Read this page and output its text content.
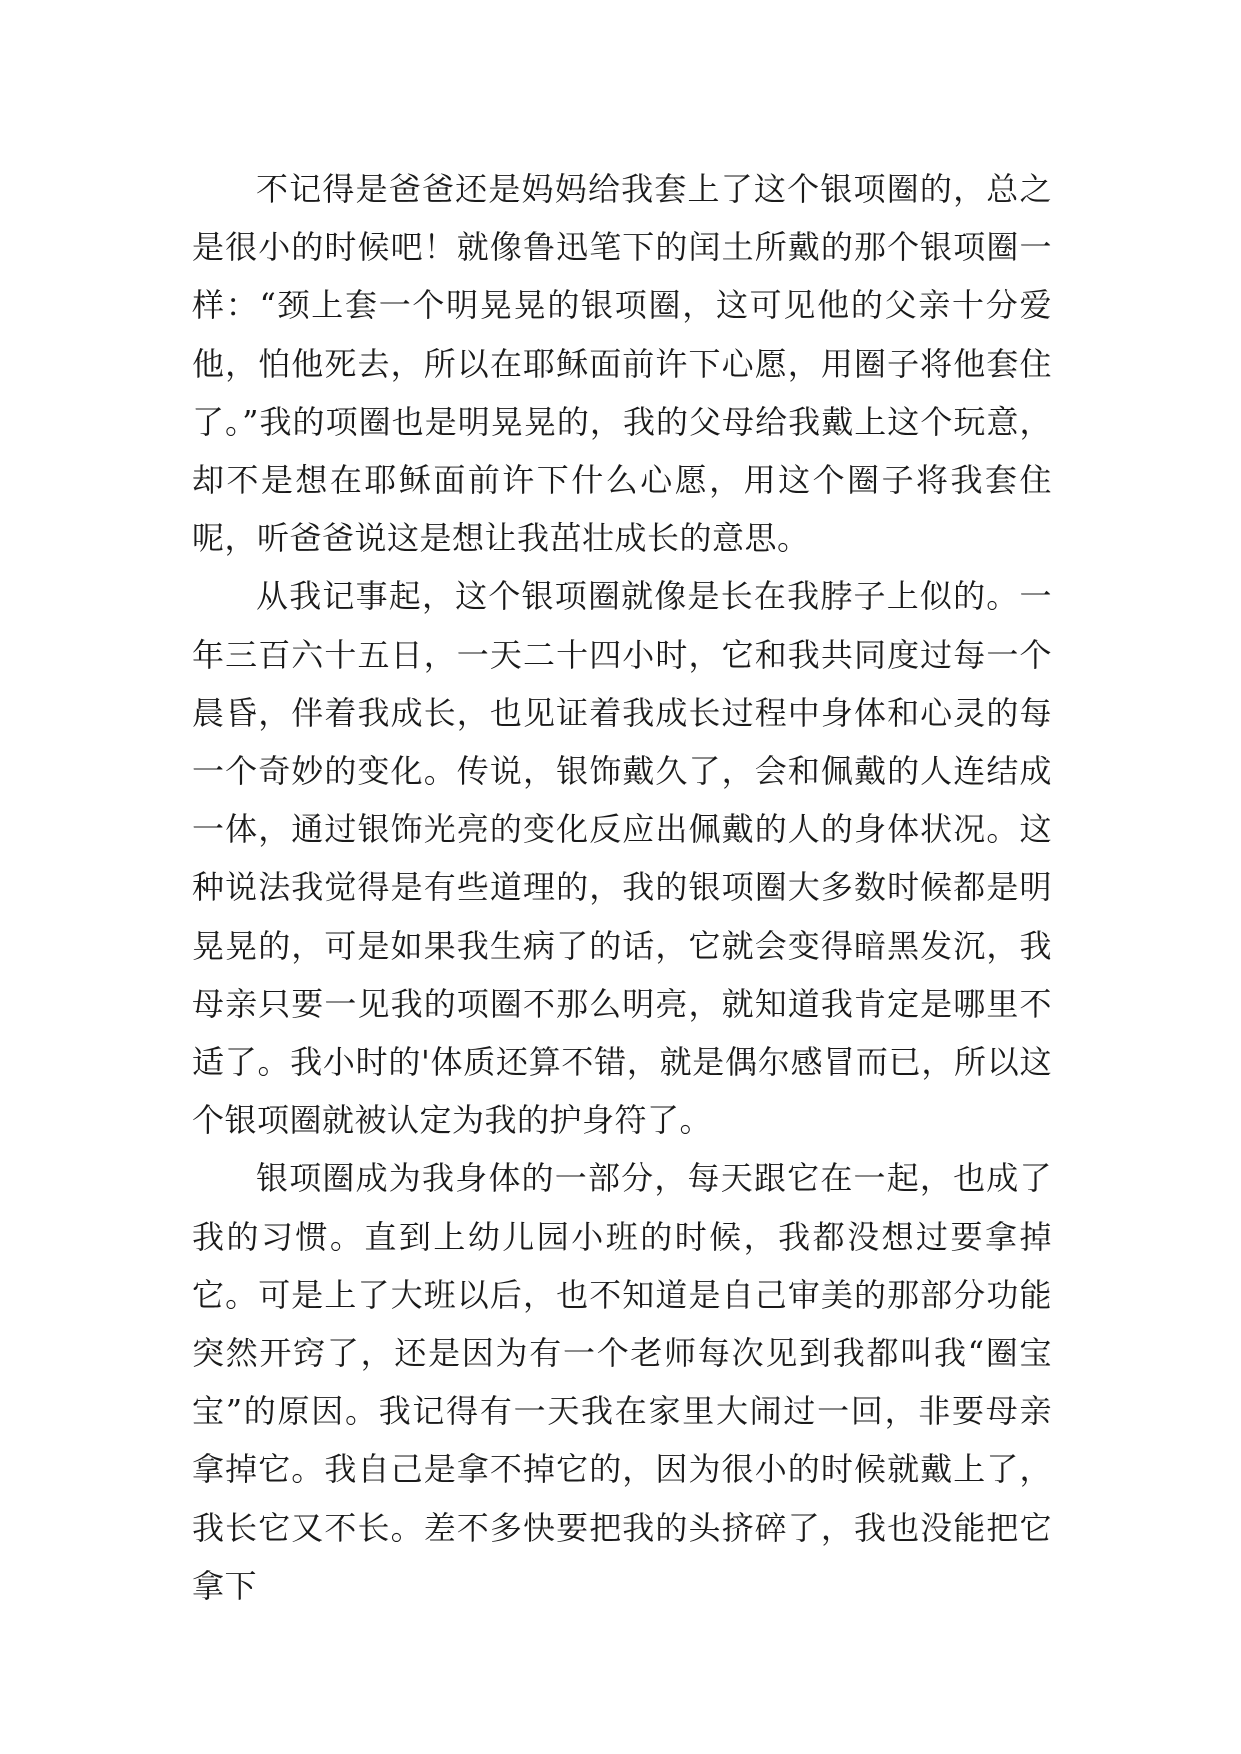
不记得是爸爸还是妈妈给我套上了这个银项圈的，总之是很小的时候吧！就像鲁迅笔下的闰土所戴的那个银项圈一样：“颈上套一个明晃晃的银项圈，这可见他的父亲十分爱他，怕他死去，所以在耶稣面前许下心愿，用圈子将他套住了。”我的项圈也是明晃晃的，我的父母给我戴上这个玩意，却不是想在耶稣面前许下什么心愿，用这个圈子将我套住呢，听爸爸说这是想让我茁壮成长的意思。

从我记事起，这个银项圈就像是长在我脖子上似的。一年三百六十五日，一天二十四小时，它和我共同度过每一个晨昏，伴着我成长，也见证着我成长过程中身体和心灵的每一个奇妙的变化。传说，银饰戴久了，会和佩戴的人连结成一体，通过银饰光亮的变化反应出佩戴的人的身体状况。这种说法我觉得是有些道理的，我的银项圈大多数时候都是明晃晃的，可是如果我生病了的话，它就会变得暗黑发沉，我母亲只要一见我的项圈不那么明亮，就知道我肯定是哪里不适了。我小时的'体质还算不错，就是偶尔感冒而已，所以这个银项圈就被认定为我的护身符了。

银项圈成为我身体的一部分，每天跟它在一起，也成了我的习惯。直到上幼儿园小班的时候，我都没想过要拿掉它。可是上了大班以后，也不知道是自己审美的那部分功能突然开窍了，还是因为有一个老师每次见到我都叫我“圈宝宝”的原因。我记得有一天我在家里大闹过一回，非要母亲拿掉它。我自己是拿不掉它的，因为很小的时候就戴上了，我长它又不长。差不多快要把我的头挤碎了，我也没能把它拿下
